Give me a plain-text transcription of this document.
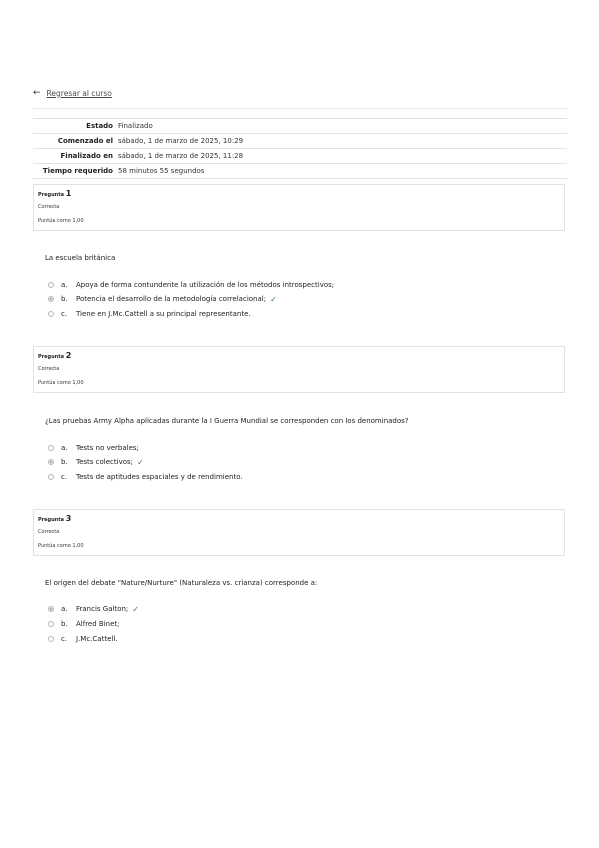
← Regresar al curso
Estado	Finalizado
Comenzado el	sábado, 1 de marzo de 2025, 10:29
Finalizado en	sábado, 1 de marzo de 2025, 11:28
Tiempo requerido	58 minutos 55 segundos
Pregunta 1
Correcta
Puntúa como 1,00
La escuela británica
a.	Apoya de forma contundente la utilización de los métodos introspectivos;
b.	Potencia el desarrollo de la metodología correlacional; ✓
c.	Tiene en J.Mc.Cattell a su principal representante.
Pregunta 2
Correcta
Puntúa como 1,00
¿Las pruebas Army Alpha aplicadas durante la I Guerra Mundial se corresponden con los denominados?
a.	Tests no verbales;
b.	Tests colectivos; ✓
c.	Tests de aptitudes espaciales y de rendimiento.
Pregunta 3
Correcta
Puntúa como 1,00
El origen del debate "Nature/Nurture" (Naturaleza vs. crianza) corresponde a:
a.	Francis Galton; ✓
b.	Alfred Binet;
c.	J.Mc.Cattell.
